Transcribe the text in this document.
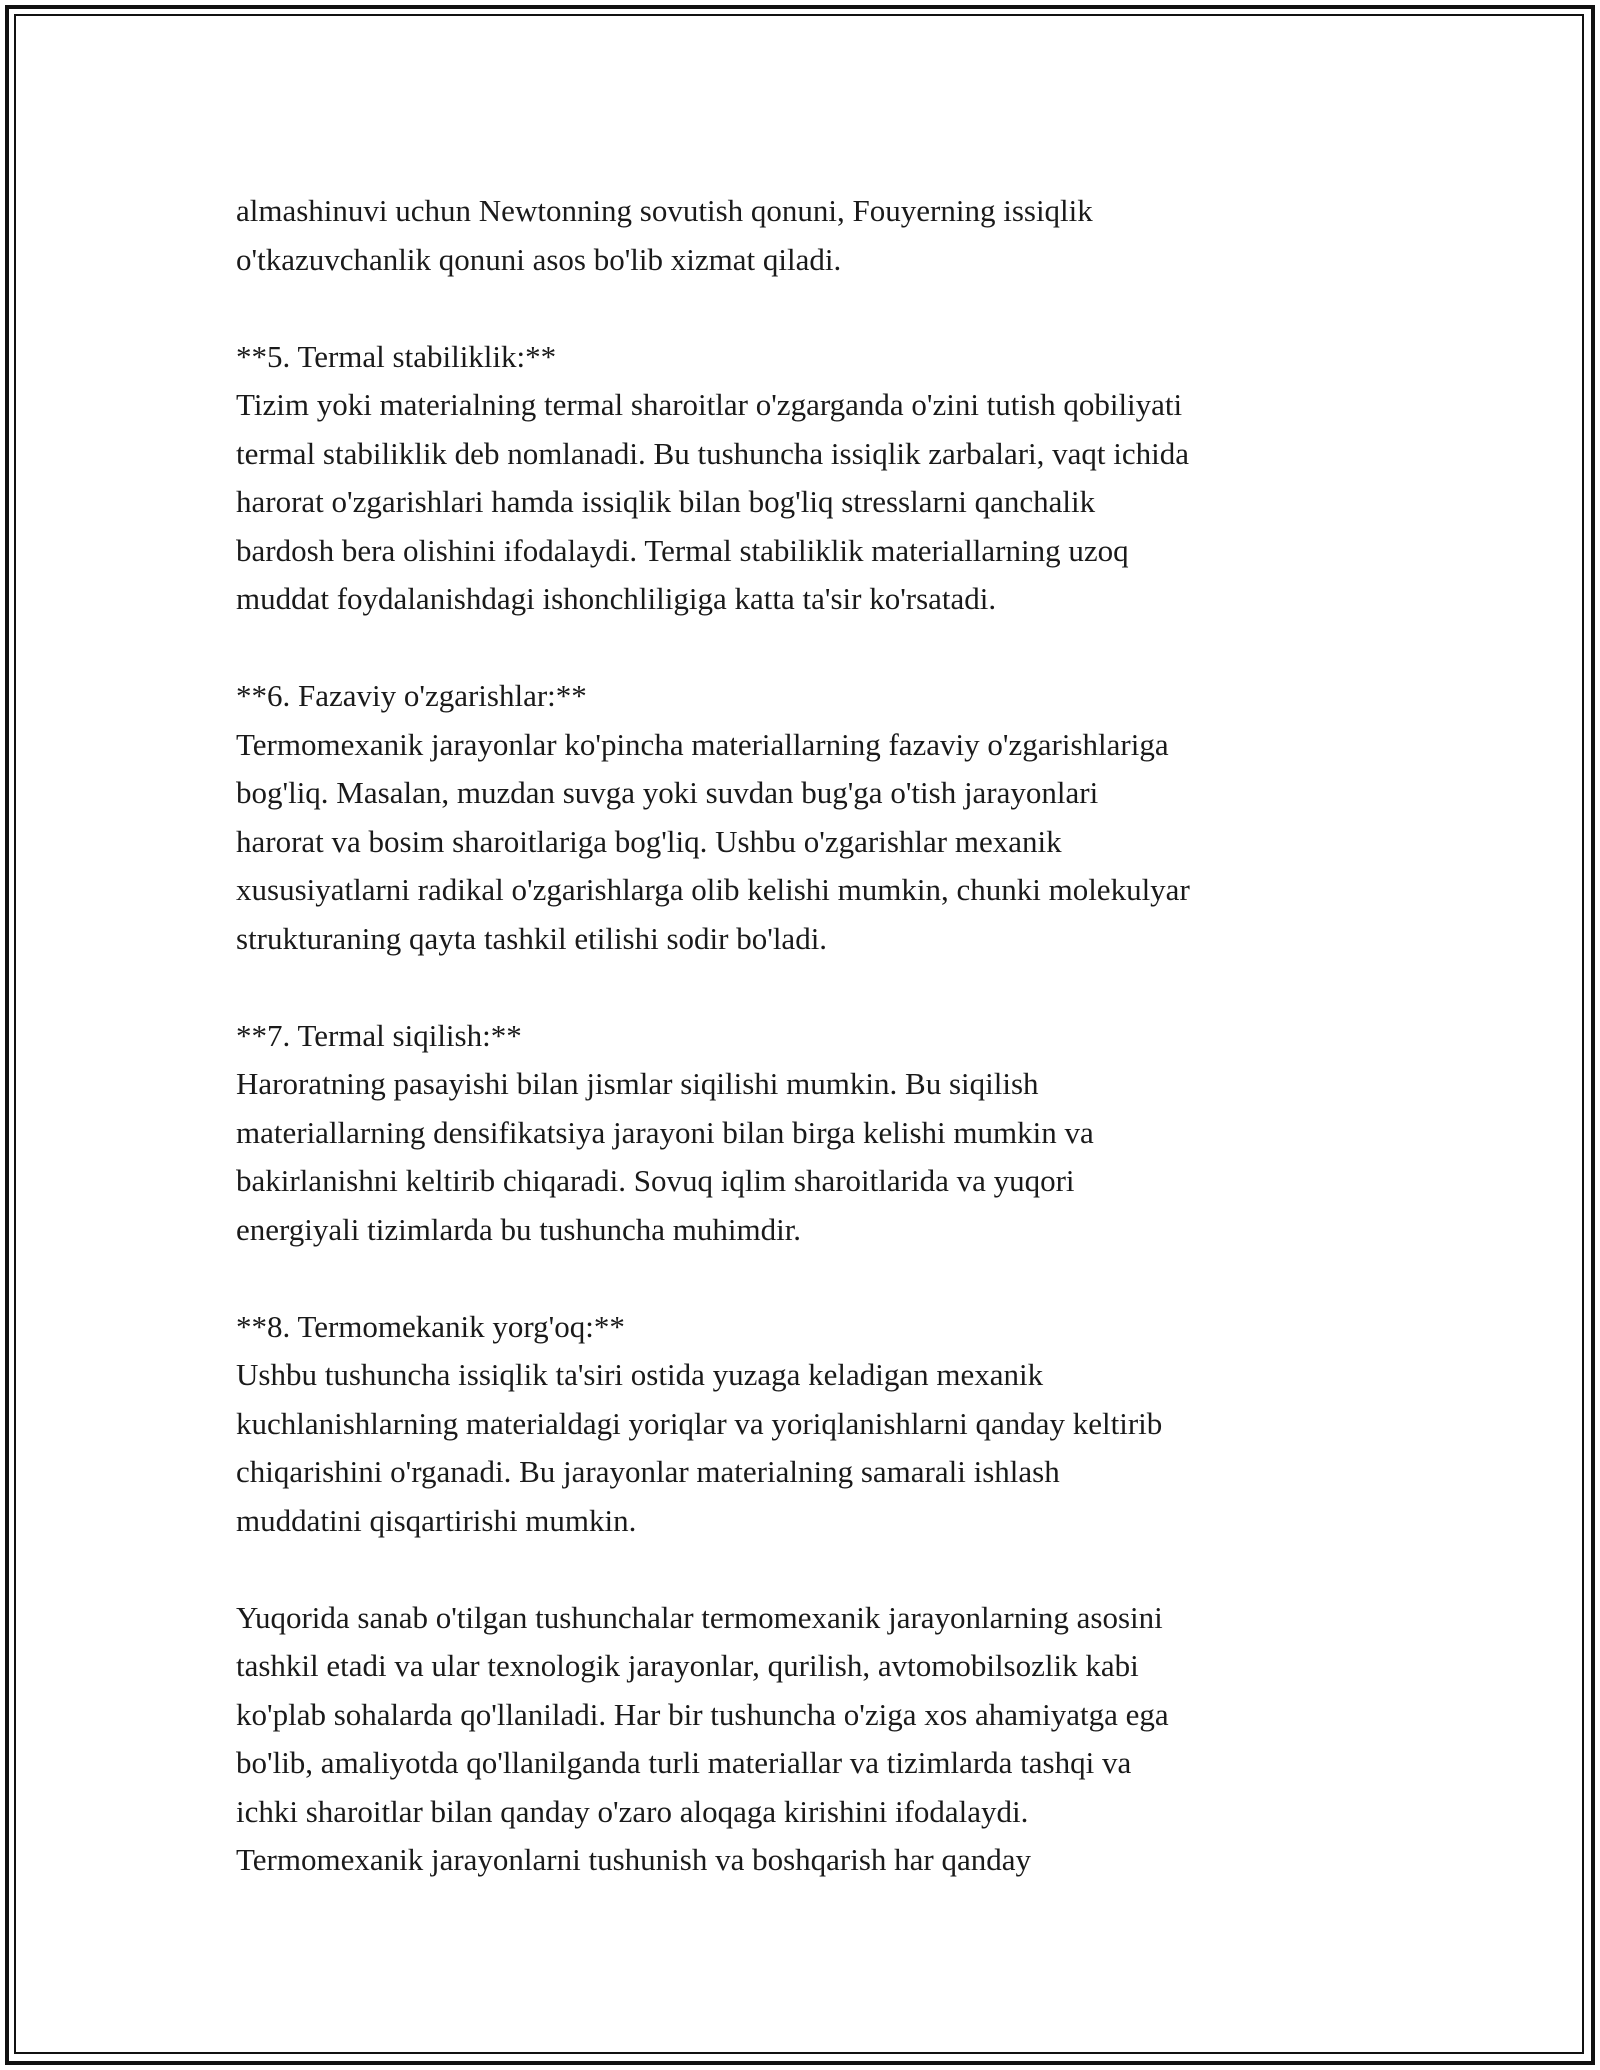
almashinuvi uchun Newtonning sovutish qonuni, Fouyerning issiqlik
o'tkazuvchanlik qonuni asos bo'lib xizmat qiladi.

**5. Termal stabiliklik:**
Tizim yoki materialning termal sharoitlar o'zgarganda o'zini tutish qobiliyati
termal stabiliklik deb nomlanadi. Bu tushuncha issiqlik zarbalari, vaqt ichida
harorat o'zgarishlari hamda issiqlik bilan bog'liq stresslarni qanchalik
bardosh bera olishini ifodalaydi. Termal stabiliklik materiallarning uzoq
muddat foydalanishdagi ishonchliligiga katta ta'sir ko'rsatadi.

**6. Fazaviy o'zgarishlar:**
Termomexanik jarayonlar ko'pincha materiallarning fazaviy o'zgarishlariga
bog'liq. Masalan, muzdan suvga yoki suvdan bug'ga o'tish jarayonlari
harorat va bosim sharoitlariga bog'liq. Ushbu o'zgarishlar mexanik
xususiyatlarni radikal o'zgarishlarga olib kelishi mumkin, chunki molekulyar
strukturaning qayta tashkil etilishi sodir bo'ladi.

**7. Termal siqilish:**
Haroratning pasayishi bilan jismlar siqilishi mumkin. Bu siqilish
materiallarning densifikatsiya jarayoni bilan birga kelishi mumkin va
bakirlanishni keltirib chiqaradi. Sovuq iqlim sharoitlarida va yuqori
energiyali tizimlarda bu tushuncha muhimdir.

**8. Termomekanik yorg'oq:**
Ushbu tushuncha issiqlik ta'siri ostida yuzaga keladigan mexanik
kuchlanishlarning materialdagi yoriqlar va yoriqlanishlarni qanday keltirib
chiqarishini o'rganadi. Bu jarayonlar materialning samarali ishlash
muddatini qisqartirishi mumkin.

Yuqorida sanab o'tilgan tushunchalar termomexanik jarayonlarning asosini
tashkil etadi va ular texnologik jarayonlar, qurilish, avtomobilsozlik kabi
ko'plab sohalarda qo'llaniladi. Har bir tushuncha o'ziga xos ahamiyatga ega
bo'lib, amaliyotda qo'llanilganda turli materiallar va tizimlarda tashqi va
ichki sharoitlar bilan qanday o'zaro aloqaga kirishini ifodalaydi.
Termomexanik jarayonlarni tushunish va boshqarish har qanday
